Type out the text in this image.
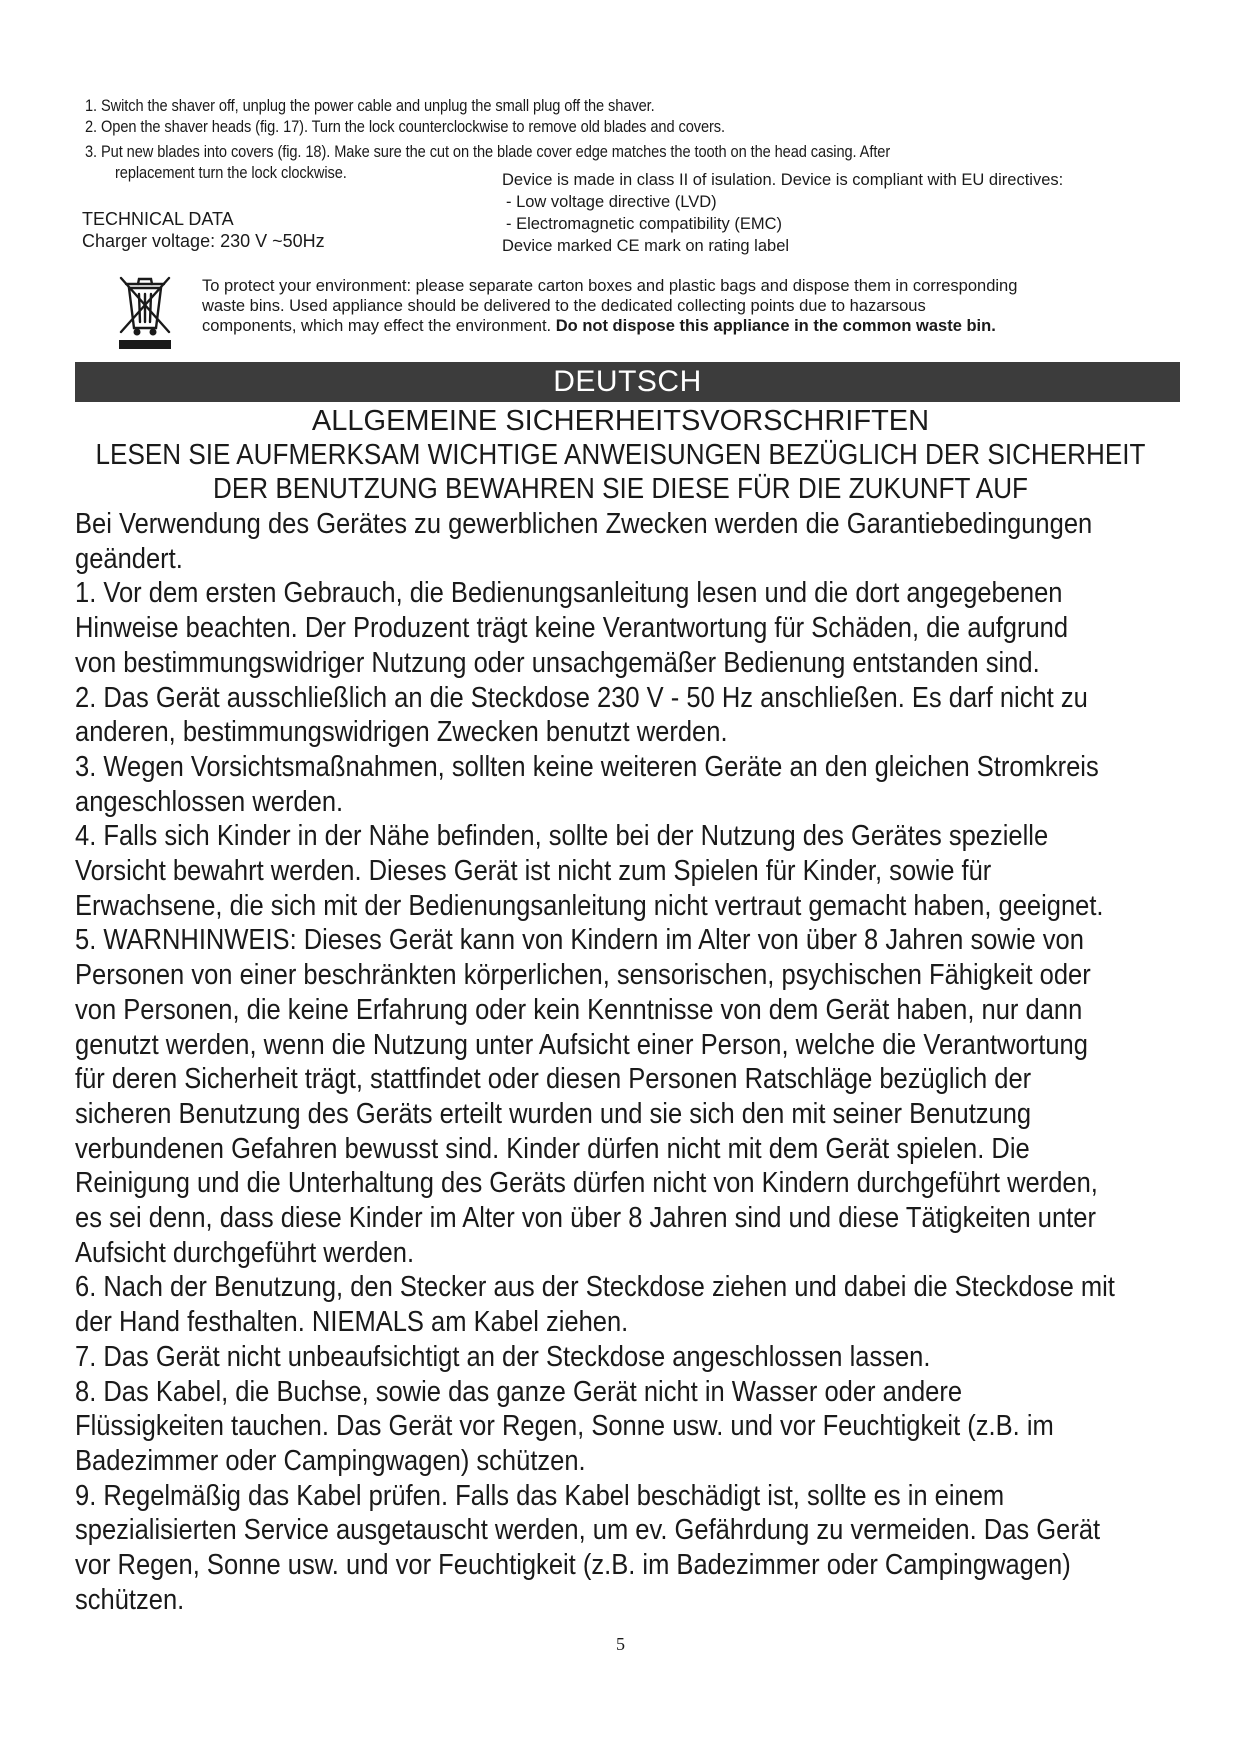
1. Switch the shaver off, unplug the power cable and unplug the small plug off the shaver.
2. Open the shaver heads (fig. 17). Turn the lock counterclockwise to remove old blades and covers.
3. Put new blades into covers (fig. 18). Make sure the cut on the blade cover edge matches the tooth on the head casing. After
replacement turn the lock clockwise.
TECHNICAL DATA
Charger voltage: 230 V ~50Hz
Device is made in class II of isulation. Device is compliant with EU directives:
- Low voltage directive (LVD)
- Electromagnetic compatibility (EMC)
Device marked CE mark on rating label
To protect your environment: please separate carton boxes and plastic bags and dispose them in corresponding
waste bins. Used appliance should be delivered to the dedicated collecting points due to hazarsous
components, which may effect the environment. Do not dispose this appliance in the common waste bin.
DEUTSCH
ALLGEMEINE SICHERHEITSVORSCHRIFTEN
LESEN SIE AUFMERKSAM WICHTIGE ANWEISUNGEN BEZÜGLICH DER SICHERHEIT
DER BENUTZUNG BEWAHREN SIE DIESE FÜR DIE ZUKUNFT AUF
Bei Verwendung des Gerätes zu gewerblichen Zwecken werden die Garantiebedingungen
geändert.
1. Vor dem ersten Gebrauch, die Bedienungsanleitung lesen und die dort angegebenen
Hinweise beachten. Der Produzent trägt keine Verantwortung für Schäden, die aufgrund
von bestimmungswidriger Nutzung oder unsachgemäßer Bedienung entstanden sind.
2. Das Gerät ausschließlich an die Steckdose 230 V - 50 Hz anschließen. Es darf nicht zu
anderen, bestimmungswidrigen Zwecken benutzt werden.
3. Wegen Vorsichtsmaßnahmen, sollten keine weiteren Geräte an den gleichen Stromkreis
angeschlossen werden.
4. Falls sich Kinder in der Nähe befinden, sollte bei der Nutzung des Gerätes spezielle
Vorsicht bewahrt werden. Dieses Gerät ist nicht zum Spielen für Kinder, sowie für
Erwachsene, die sich mit der Bedienungsanleitung nicht vertraut gemacht haben, geeignet.
5. WARNHINWEIS: Dieses Gerät kann von Kindern im Alter von über 8 Jahren sowie von
Personen von einer beschränkten körperlichen, sensorischen, psychischen Fähigkeit oder
von Personen, die keine Erfahrung oder kein Kenntnisse von dem Gerät haben, nur dann
genutzt werden, wenn die Nutzung unter Aufsicht einer Person, welche die Verantwortung
für deren Sicherheit trägt, stattfindet oder diesen Personen Ratschläge bezüglich der
sicheren Benutzung des Geräts erteilt wurden und sie sich den mit seiner Benutzung
verbundenen Gefahren bewusst sind. Kinder dürfen nicht mit dem Gerät spielen. Die
Reinigung und die Unterhaltung des Geräts dürfen nicht von Kindern durchgeführt werden,
es sei denn, dass diese Kinder im Alter von über 8 Jahren sind und diese Tätigkeiten unter
Aufsicht durchgeführt werden.
6. Nach der Benutzung, den Stecker aus der Steckdose ziehen und dabei die Steckdose mit
der Hand festhalten. NIEMALS am Kabel ziehen.
7. Das Gerät nicht unbeaufsichtigt an der Steckdose angeschlossen lassen.
8. Das Kabel, die Buchse, sowie das ganze Gerät nicht in Wasser oder andere
Flüssigkeiten tauchen. Das Gerät vor Regen, Sonne usw. und vor Feuchtigkeit (z.B. im
Badezimmer oder Campingwagen) schützen.
9. Regelmäßig das Kabel prüfen. Falls das Kabel beschädigt ist, sollte es in einem
spezialisierten Service ausgetauscht werden, um ev. Gefährdung zu vermeiden. Das Gerät
vor Regen, Sonne usw. und vor Feuchtigkeit (z.B. im Badezimmer oder Campingwagen)
schützen.
5
